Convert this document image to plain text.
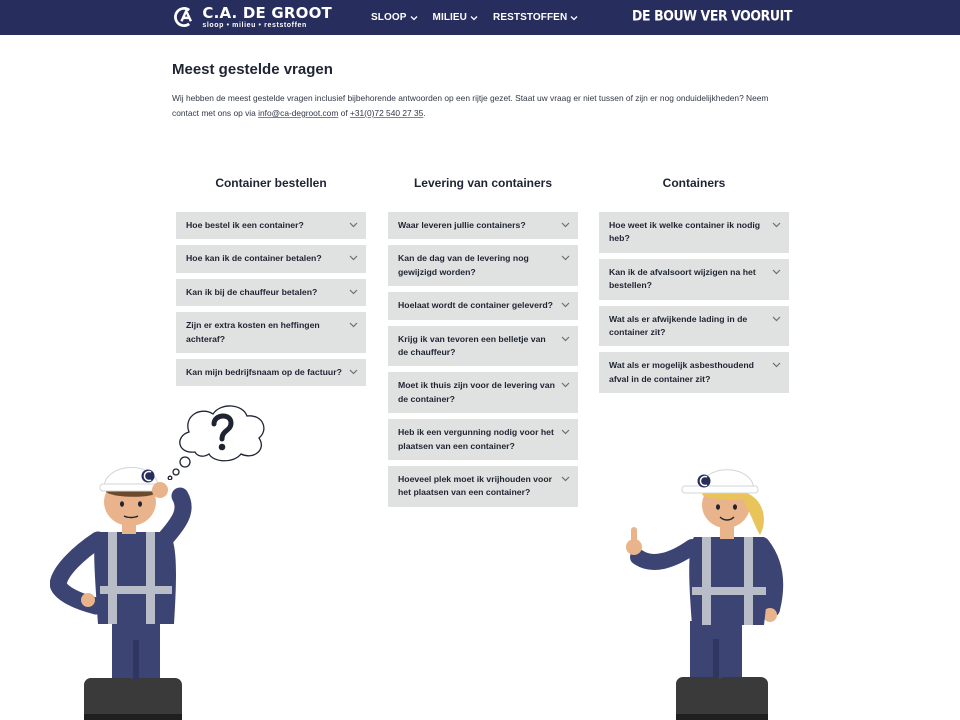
C.A. DE GROOT
sloop • milieu • reststoffen
SLOOP	MILIEU	RESTSTOFFEN	DE BOUW VER VOORUIT
Meest gestelde vragen

Wij hebben de meest gestelde vragen inclusief bijbehorende antwoorden op een rijtje gezet. Staat uw vraag er niet tussen of zijn er nog onduidelijkheden? Neem contact met ons op via info@ca-degroot.com of +31(0)72 540 27 35.

Container bestellen
Hoe bestel ik een container?
Hoe kan ik de container betalen?
Kan ik bij de chauffeur betalen?
Zijn er extra kosten en heffingen achteraf?
Kan mijn bedrijfsnaam op de factuur?
Levering van containers
Waar leveren jullie containers?
Kan de dag van de levering nog gewijzigd worden?
Hoelaat wordt de container geleverd?
Krijg ik van tevoren een belletje van de chauffeur?
Moet ik thuis zijn voor de levering van de container?
Heb ik een vergunning nodig voor het plaatsen van een container?
Hoeveel plek moet ik vrijhouden voor het plaatsen van een container?
Containers
Hoe weet ik welke container ik nodig heb?
Kan ik de afvalsoort wijzigen na het bestellen?
Wat als er afwijkende lading in de container zit?
Wat als er mogelijk asbesthoudend afval in de container zit?
